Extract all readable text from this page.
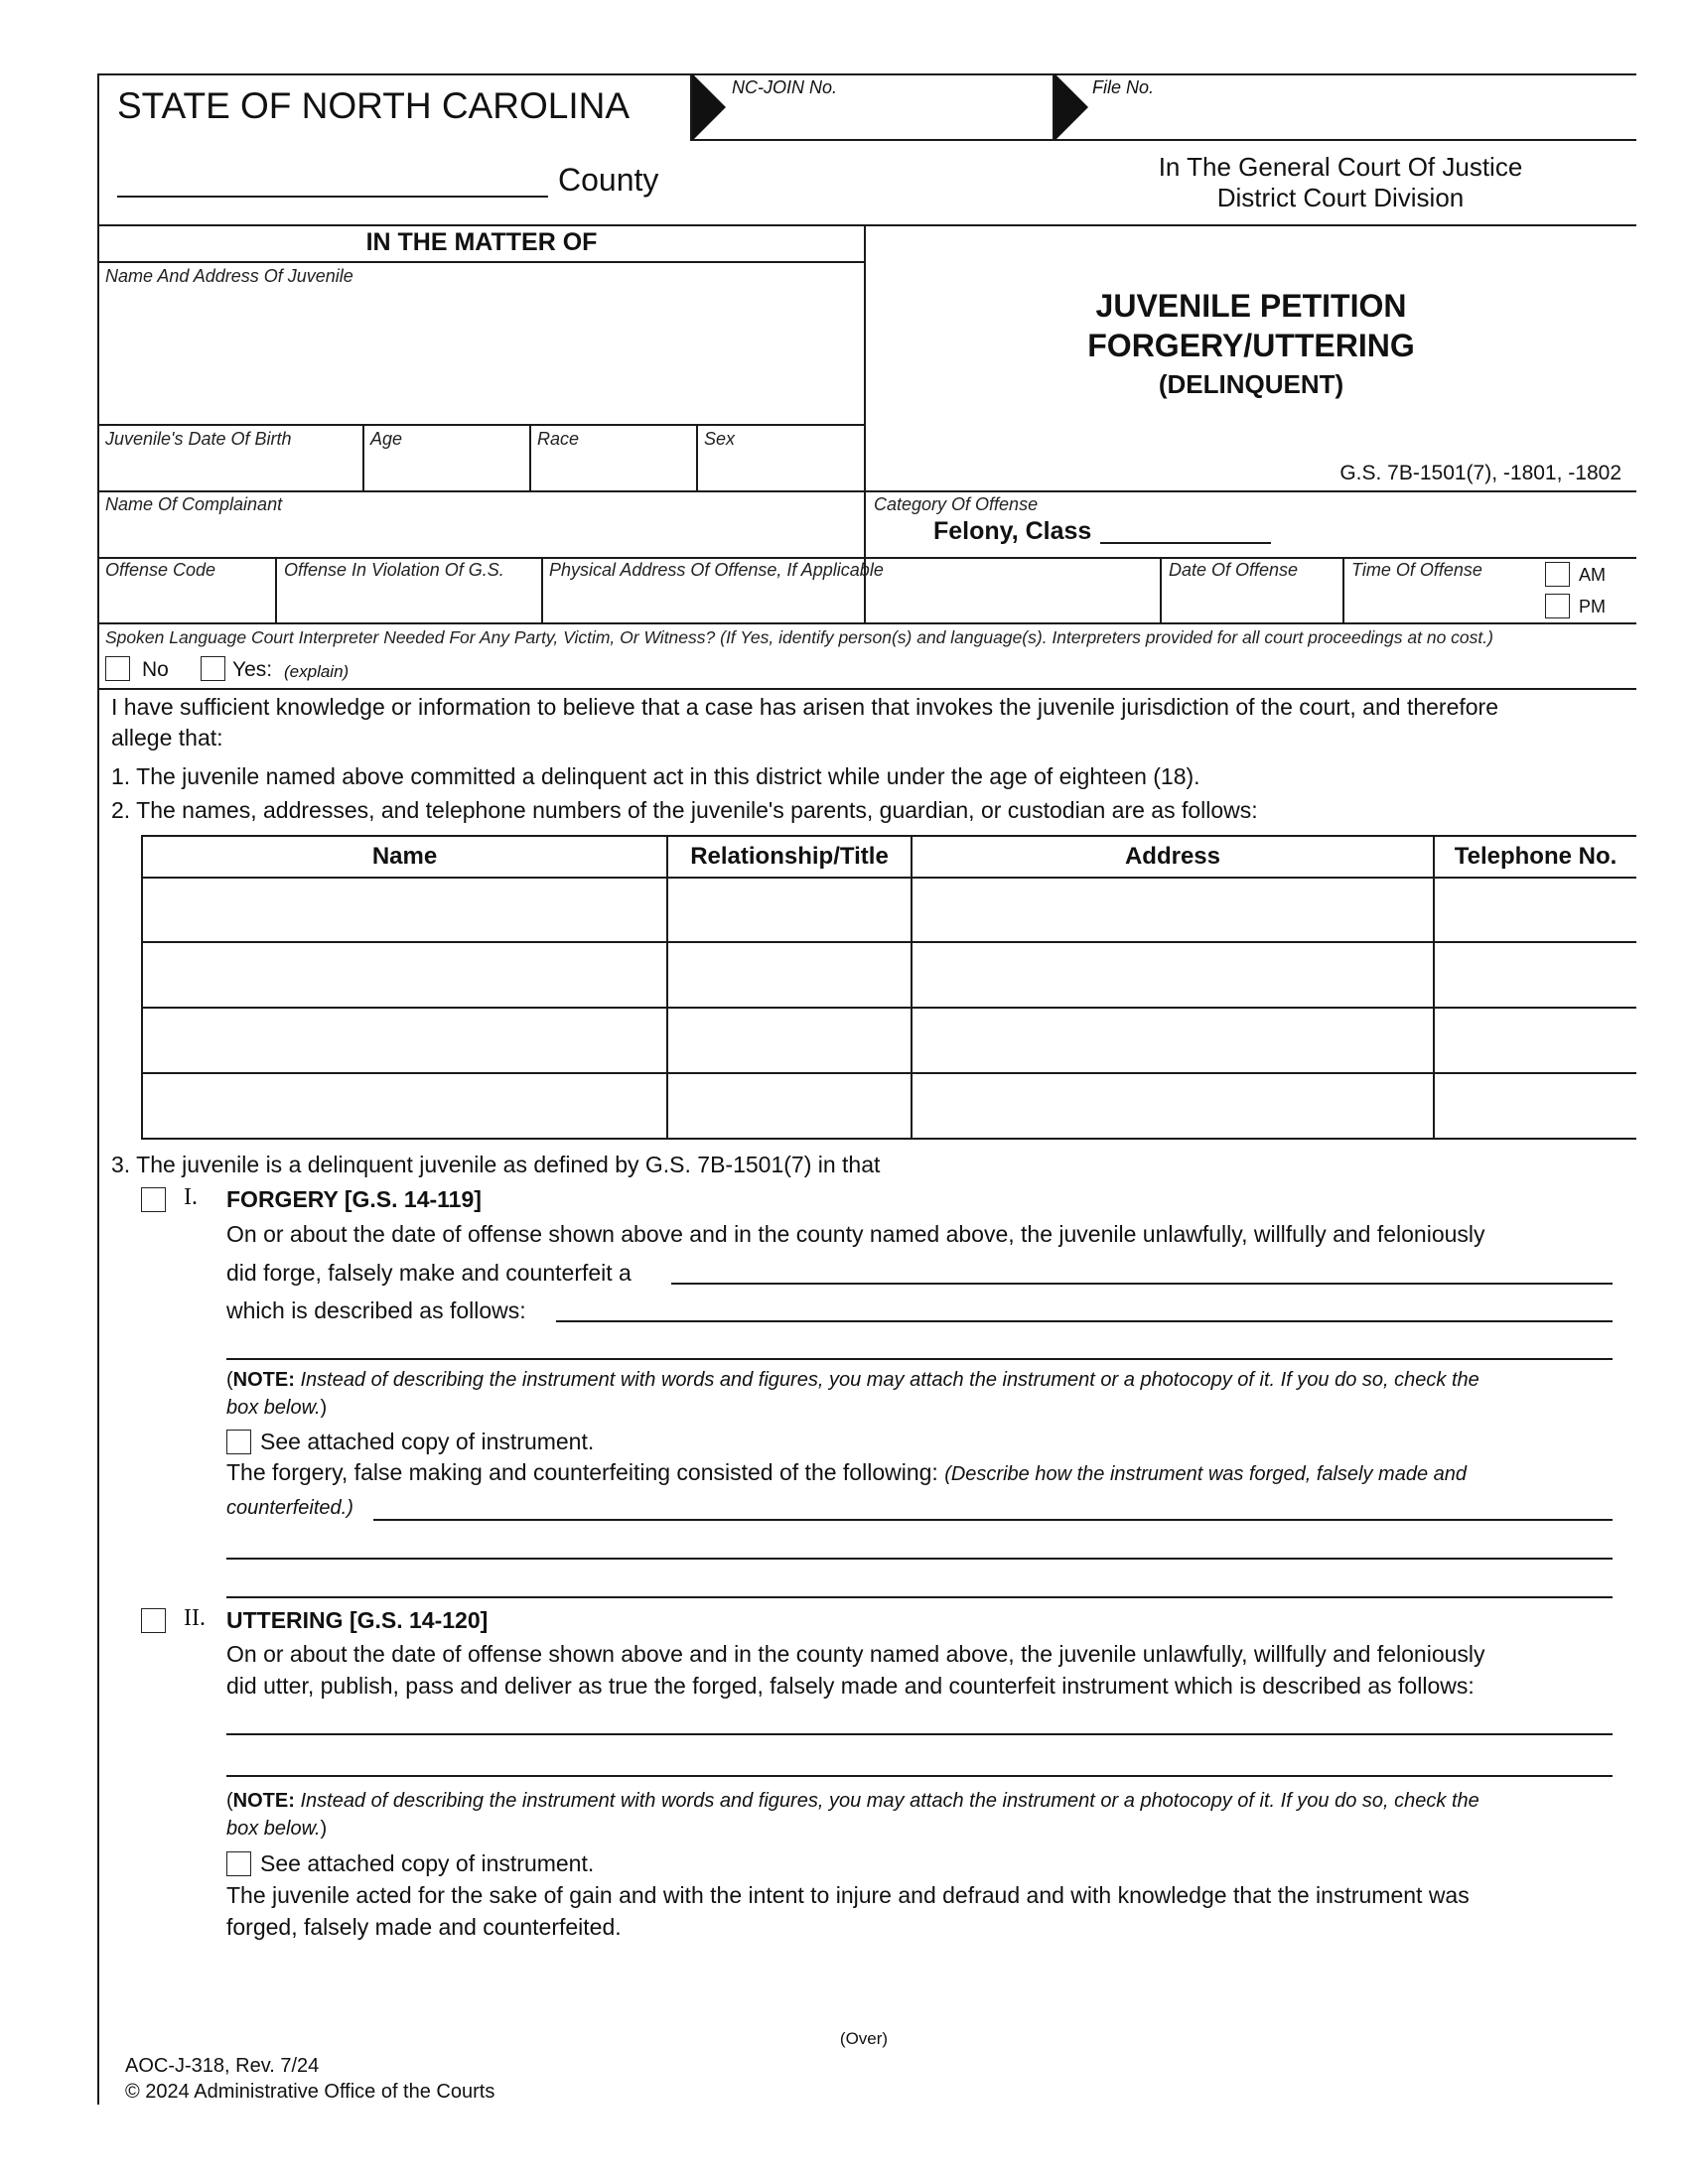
STATE OF NORTH CAROLINA	NC-JOIN No.	File No.
County	In The General Court Of Justice
District Court Division
IN THE MATTER OF
Name And Address Of Juvenile
Juvenile's Date Of Birth	Age	Race	Sex
JUVENILE PETITION
FORGERY/UTTERING
(DELINQUENT)
G.S. 7B-1501(7), -1801, -1802
Name Of Complainant	Category Of Offense
Felony, Class
Offense Code	Offense In Violation Of G.S.	Physical Address Of Offense, If Applicable	Date Of Offense	Time Of Offense	AM
PM
Spoken Language Court Interpreter Needed For Any Party, Victim, Or Witness? (If Yes, identify person(s) and language(s). Interpreters provided for all court proceedings at no cost.)
No	Yes: (explain)
I have sufficient knowledge or information to believe that a case has arisen that invokes the juvenile jurisdiction of the court, and therefore
allege that:
1. The juvenile named above committed a delinquent act in this district while under the age of eighteen (18).
2. The names, addresses, and telephone numbers of the juvenile's parents, guardian, or custodian are as follows:
Name	Relationship/Title	Address	Telephone No.
3. The juvenile is a delinquent juvenile as defined by G.S. 7B-1501(7) in that
I. FORGERY [G.S. 14-119]
On or about the date of offense shown above and in the county named above, the juvenile unlawfully, willfully and feloniously
did forge, falsely make and counterfeit a
which is described as follows:
(NOTE: Instead of describing the instrument with words and figures, you may attach the instrument or a photocopy of it. If you do so, check the
box below.)
See attached copy of instrument.
The forgery, false making and counterfeiting consisted of the following: (Describe how the instrument was forged, falsely made and
counterfeited.)
II. UTTERING [G.S. 14-120]
On or about the date of offense shown above and in the county named above, the juvenile unlawfully, willfully and feloniously
did utter, publish, pass and deliver as true the forged, falsely made and counterfeit instrument which is described as follows:
(NOTE: Instead of describing the instrument with words and figures, you may attach the instrument or a photocopy of it. If you do so, check the
box below.)
See attached copy of instrument.
The juvenile acted for the sake of gain and with the intent to injure and defraud and with knowledge that the instrument was
forged, falsely made and counterfeited.
(Over)
AOC-J-318, Rev. 7/24
© 2024 Administrative Office of the Courts
